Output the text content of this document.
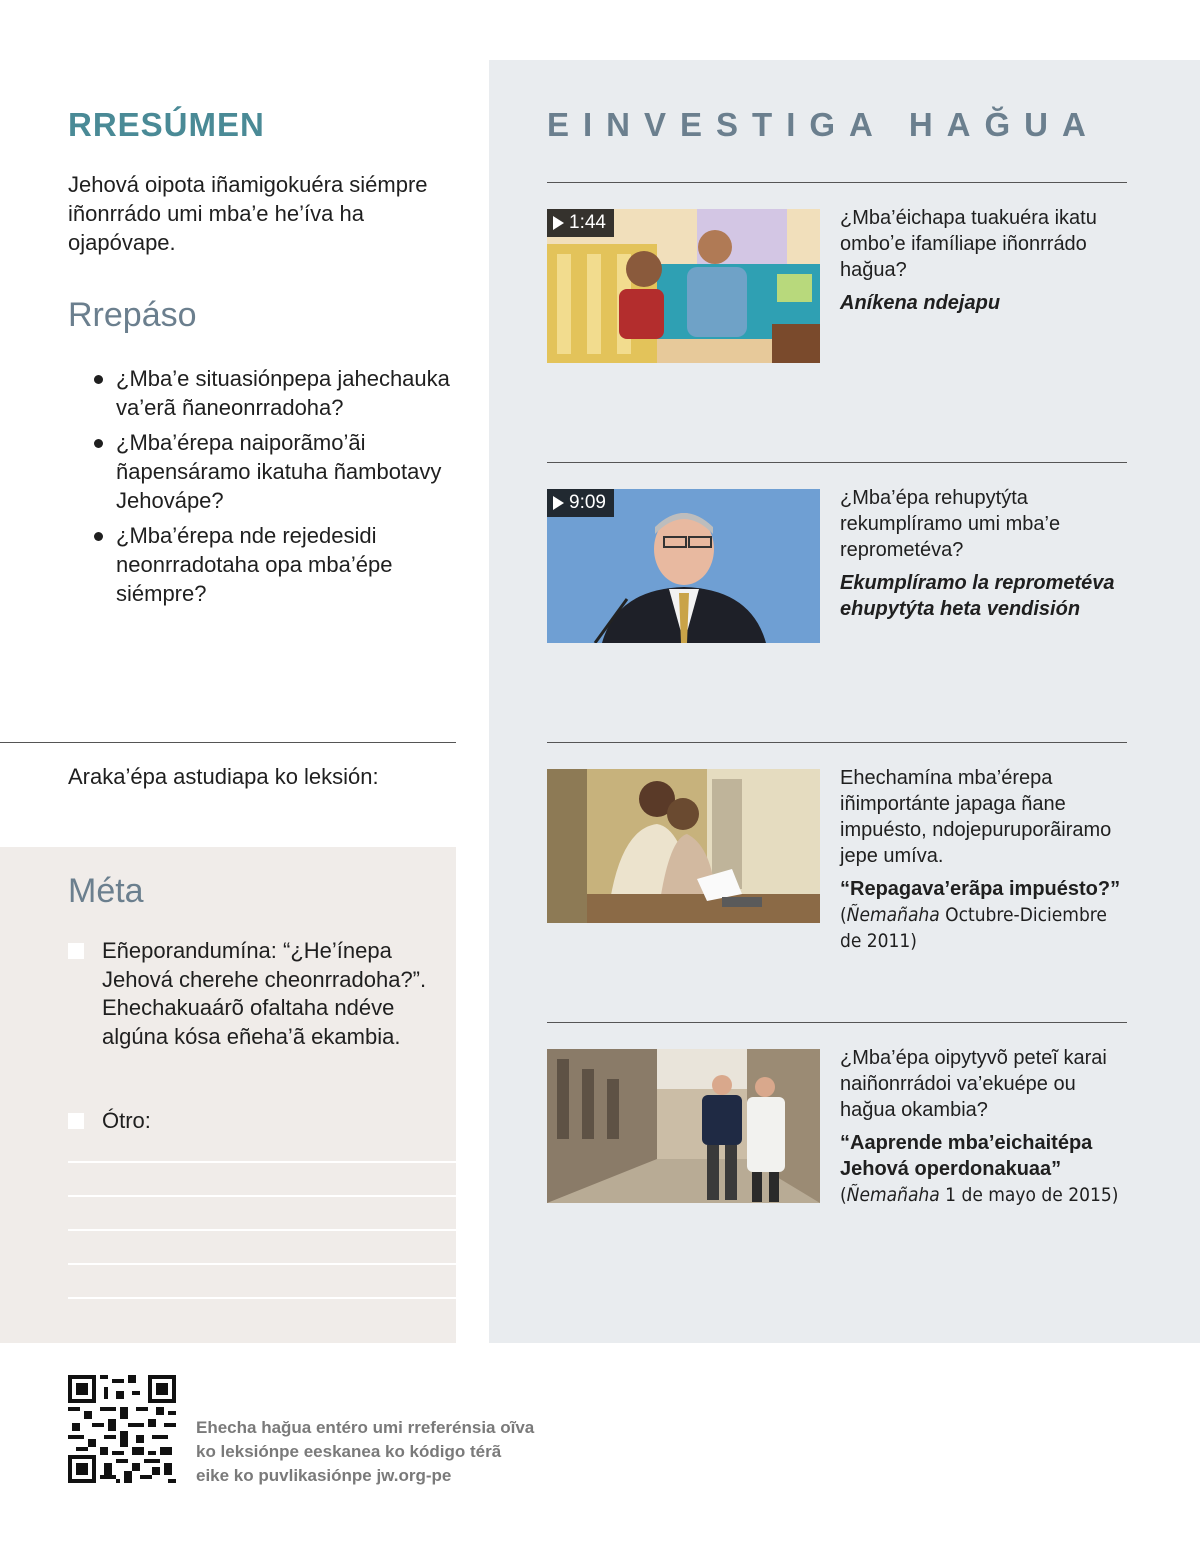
RRESÚMEN
Jehová oipota iñamigokuéra siémpre iñonrrádo umi mba’e he’íva ha ojapóvape.
Rrepáso
¿Mba’e situasiónpepa jahechauka va’erã ñaneonrradoha?
¿Mba’érepa naiporãmo’ãi ñapensáramo ikatuha ñambotavy Jehovápe?
¿Mba’érepa nde rejedesidi neonrradotaha opa mba’épe siémpre?
Araka’épa astudiapa ko leksión:
Méta
Eñeporandumína: “¿He’ínepa Jehová cherehe cheonrradoha?”. Ehechakuaárõ ofaltaha ndéve algúna kósa eñeha’ã ekambia.
Ótro:
EINVESTIGA HAĞUA
1:44	¿Mba’éichapa tuakuéra ikatu omboʼe ifamíliape iñonrrádo hağua?
Aníkena ndejapu
9:09	¿Mba’épa rehupytýta rekumplíramo umi mba’e reprometéva?
Ekumplíramo la reprometéva ehupytýta heta vendisión
Ehechamína mba’érepa iñimportánte japaga ñane impuésto, ndojepuruporãiramo jepe umíva.
“Repagava’erãpa impuésto?”
(Ñemañaha Octubre-Diciembre de 2011)
¿Mba’épa oipytyvõ peteĩ karai naiñonrrádoi va’ekuépe ou hağua okambia?
“Aaprende mba’eichaitépa Jehová operdonakuaa”
(Ñemañaha 1 de mayo de 2015)
Ehecha hağua entéro umi rreferénsia oĩva ko leksiónpe eeskanea ko kódigo térã eike ko puvlikasiónpe jw.org-pe
